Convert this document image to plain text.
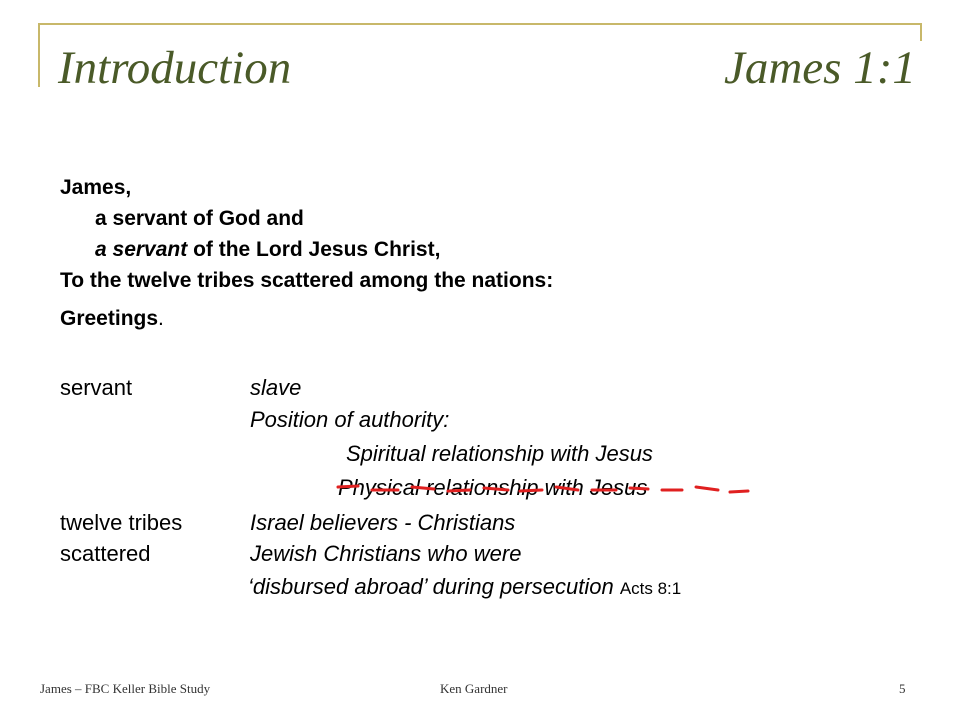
Introduction	James 1:1
James,
a servant of God and
a servant of the Lord Jesus Christ,
To the twelve tribes scattered among the nations:
Greetings.
servant	slave
Position of authority:
Spiritual relationship with Jesus
Physical relationship with Jesus
twelve tribes	Israel believers - Christians
scattered	Jewish Christians who were
‘disbursed abroad’ during persecution Acts 8:1
James – FBC Keller Bible Study	Ken Gardner	5
